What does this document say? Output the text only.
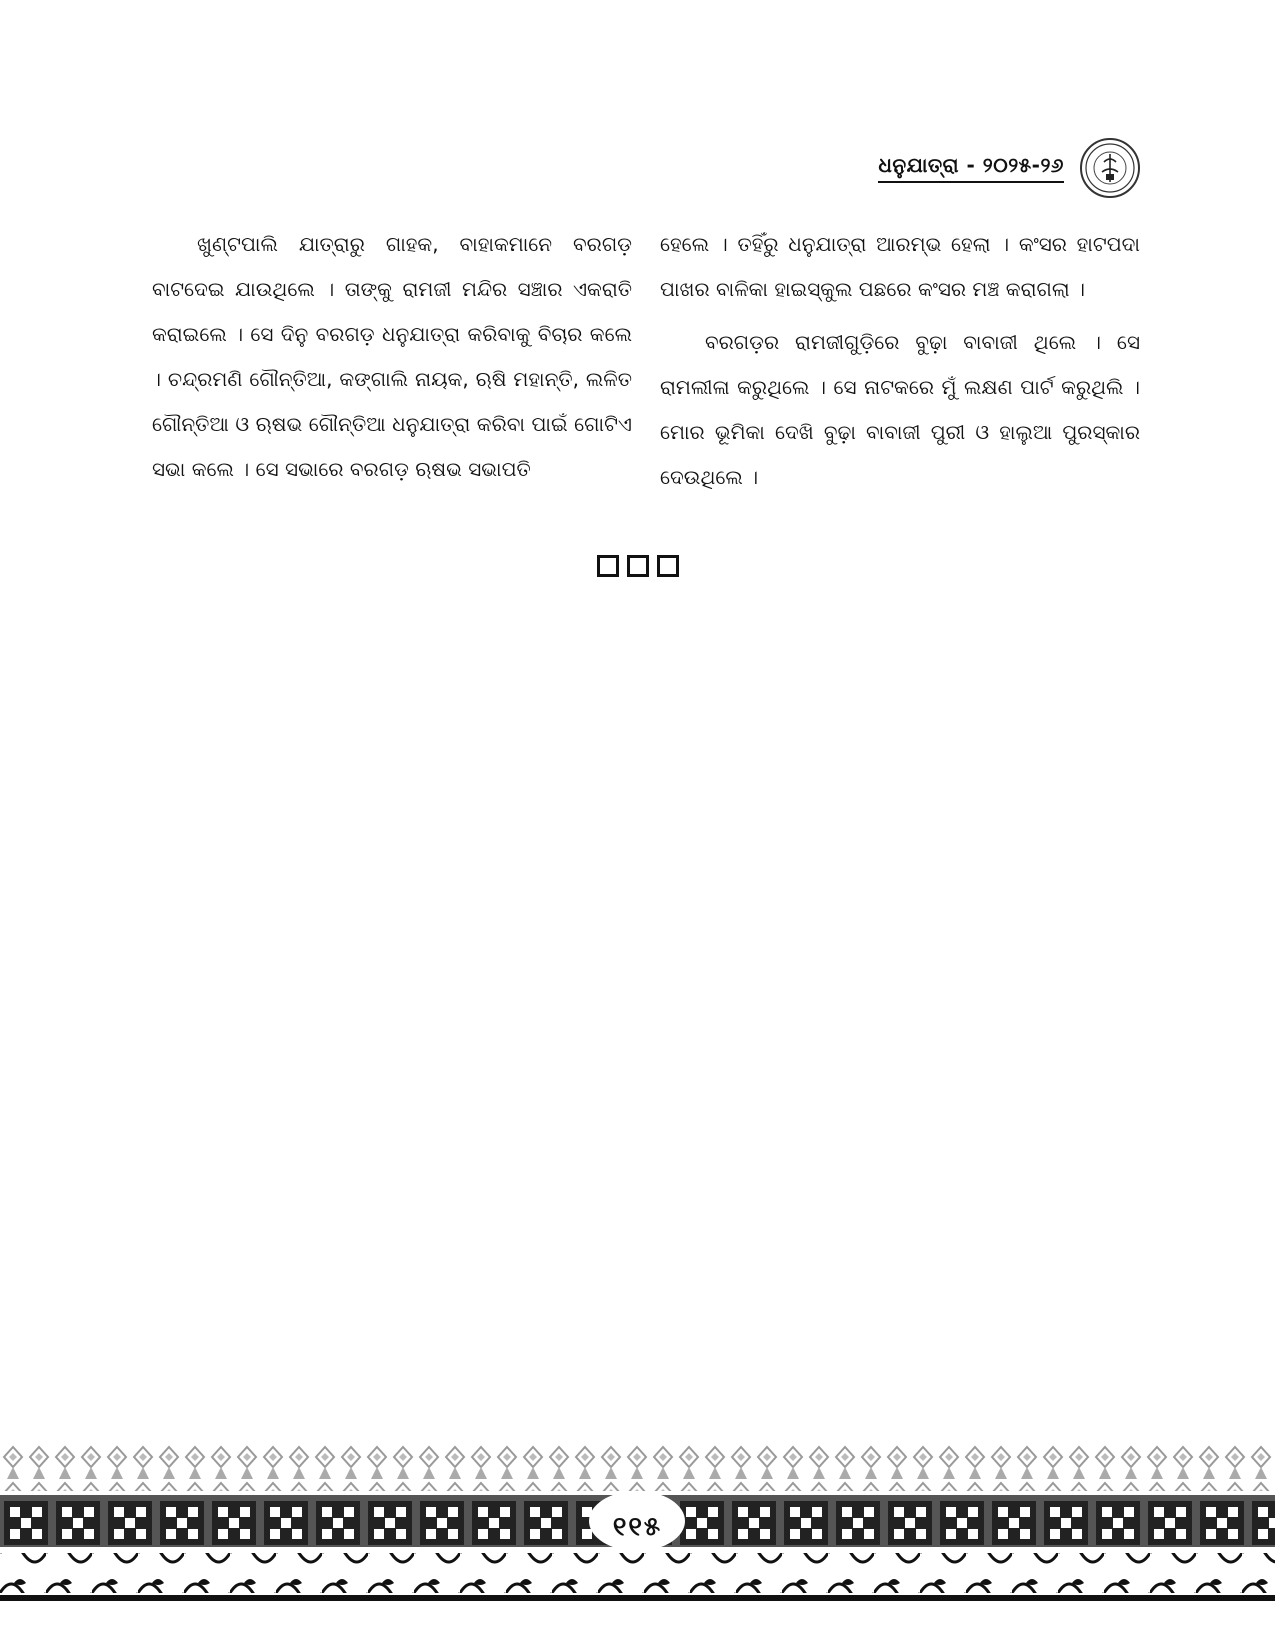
ଧନୁଯାତ୍ରା - ୨୦୨୫-୨୬

ଖୁଣ୍ଟପାଲି ଯାତ୍ରାରୁ ଗାହକ, ବାହାକମାନେ ବରଗଡ଼ ବାଟଦେଇ ଯାଉଥିଲେ । ତାଙ୍କୁ ରାମଜୀ ମନ୍ଦିର ସଞ୍ଚାର ଏକରାତି କରାଇଲେ । ସେ ଦିନୁ ବରଗଡ଼ ଧନୁଯାତ୍ରା କରିବାକୁ ବିଚାର କଲେ । ଚନ୍ଦ୍ରମଣି ଗୌନ୍ତିଆ, କଙ୍ଗାଲି ନାୟକ, ଋଷି ମହାନ୍ତି, ଲଳିତ ଗୌନ୍ତିଆ ଓ ଋଷଭ ଗୌନ୍ତିଆ ଧନୁଯାତ୍ରା କରିବା ପାଇଁ ଗୋଟିଏ ସଭା କଲେ । ସେ ସଭାରେ ବରଗଡ଼ ଋଷଭ ସଭାପତି

ହେଲେ । ତହିଁରୁ ଧନୁଯାତ୍ରା ଆରମ୍ଭ ହେଲା । କଂସର ହାଟପଦା ପାଖର ବାଳିକା ହାଇସ୍କୁଲ ପଛରେ କଂସର ମଞ୍ଚ କରାଗଲା ।

ବରଗଡ଼ର ରାମଜୀଗୁଡ଼ିରେ ବୁଢ଼ା ବାବାଜୀ ଥିଲେ । ସେ ରାମଲୀଳା କରୁଥିଲେ । ସେ ନାଟକରେ ମୁଁ ଲକ୍ଷଣ ପାର୍ଟ କରୁଥିଲି । ମୋର ଭୂମିକା ଦେଖି ବୁଢ଼ା ବାବାଜୀ ପୁରୀ ଓ ହାଲୁଆ ପୁରସ୍କାର ଦେଉଥିଲେ ।

୧୧୫
